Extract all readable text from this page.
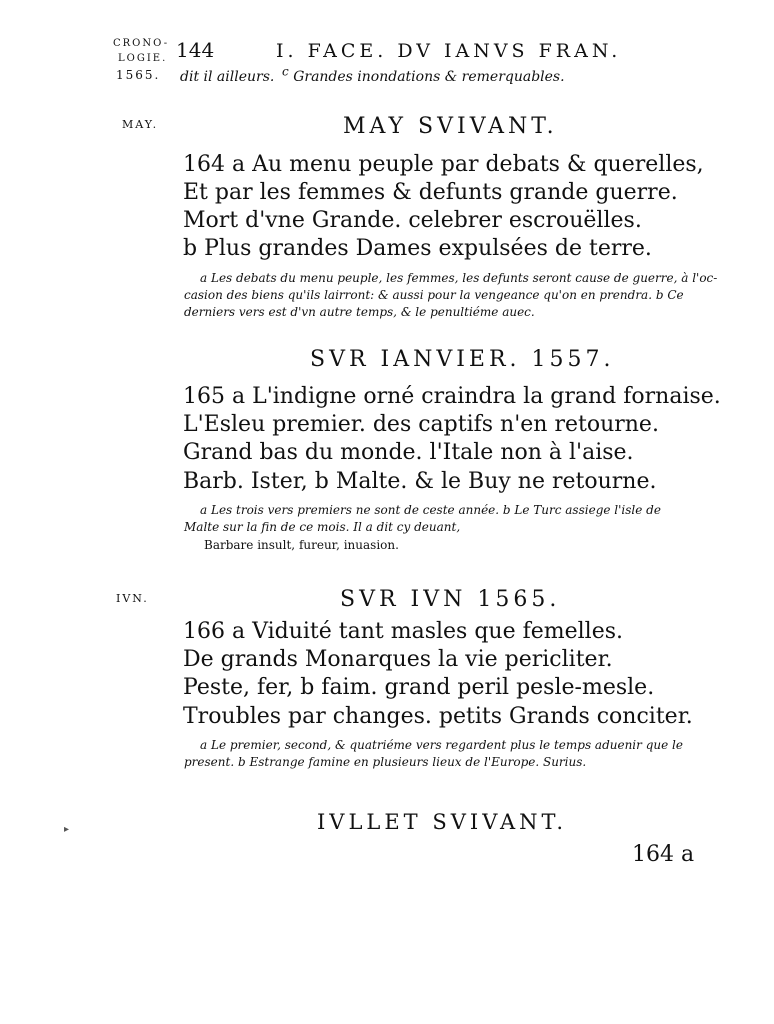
CRONO-
LOGIE.
1565.
144	I. FACE. DV IANVS FRAN.
dit il ailleurs. c Grandes inondations & remerquables.
MAY.	MAY SVIVANT.
164 a Au menu peuple par debats & querelles,
Et par les femmes & defunts grande guerre.
Mort d'vne Grande. celebrer escrouëlles.
b Plus grandes Dames expulsées de terre.
a Les debats du menu peuple, les femmes, les defunts seront cause de guerre, à l'oc-
casion des biens qu'ils lairront: & aussi pour la vengeance qu'on en prendra. b Ce
derniers vers est d'vn autre temps, & le penultiéme auec.
SVR IANVIER. 1557.
165 a L'indigne orné craindra la grand fornaise.
L'Esleu premier. des captifs n'en retourne.
Grand bas du monde. l'Itale non à l'aise.
Barb. Ister, b Malte. & le Buy ne retourne.
a Les trois vers premiers ne sont de ceste année. b Le Turc assiege l'isle de
Malte sur la fin de ce mois. Il a dit cy deuant,
Barbare insult, fureur, inuasion.
IVN.	SVR IVN 1565.
166 a Viduité tant masles que femelles.
De grands Monarques la vie pericliter.
Peste, fer, b faim. grand peril pesle-mesle.
Troubles par changes. petits Grands conciter.
a Le premier, second, & quatriéme vers regardent plus le temps aduenir que le
present. b Estrange famine en plusieurs lieux de l'Europe. Surius.
IVLLET SVIVANT.
164 a
▸
